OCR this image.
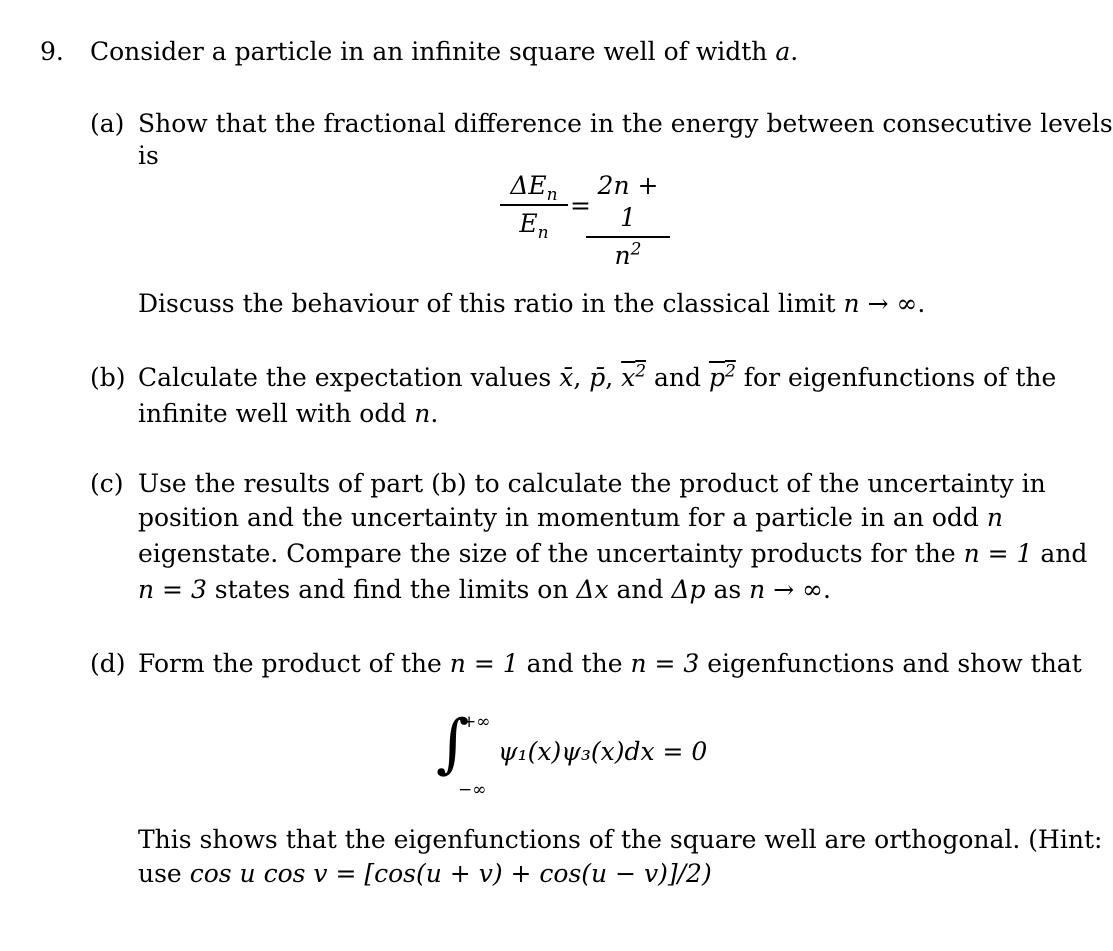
9. Consider a particle in an infinite square well of width a.
(a) Show that the fractional difference in the energy between consecutive levels
is
$\Delta E_n$
$E_n$
=
2n + 1
$n^2$
Discuss the behaviour of this ratio in the classical limit n → ∞.
(b) Calculate the expectation values x̄, p̄, $x^2$ and $p^2$ for eigenfunctions of the
infinite well with odd n.
(c) Use the results of part (b) to calculate the product of the uncertainty in
position and the uncertainty in momentum for a particle in an odd n
eigenstate. Compare the size of the uncertainty products for the n = 1 and
n = 3 states and find the limits on Δx and Δp as n → ∞.
(d) Form the product of the n = 1 and the n = 3 eigenfunctions and show that
∫
+∞
−∞
ψ₁(x)ψ₃(x)dx = 0
This shows that the eigenfunctions of the square well are orthogonal. (Hint:
use cos u cos v = [cos(u + v) + cos(u − v)]/2)
